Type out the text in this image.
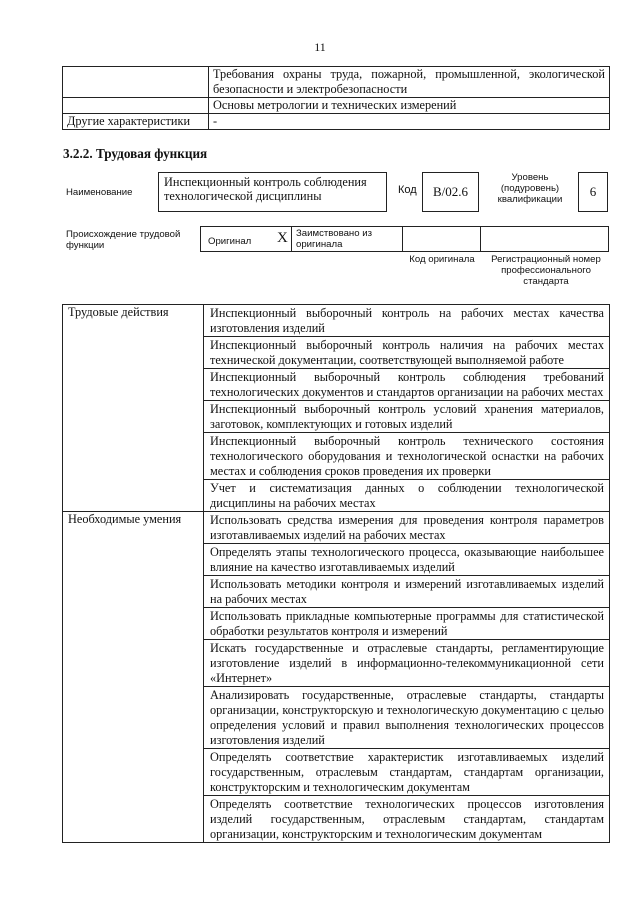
11
	Требования охраны труда, пожарной, промышленной, экологической безопасности и электробезопасности
	Основы метрологии и технических измерений
Другие характеристики	-
3.2.2. Трудовая функция
Наименование
Инспекционный контроль соблюдения технологической дисциплины	Код	B/02.6
Уровень (подуровень) квалификации
6
Происхождение трудовой функции	Оригинал X Заимствовано из оригинала
Код оригинала	Регистрационный номер профессионального стандарта
Трудовые действия	Инспекционный выборочный контроль на рабочих местах качества изготовления изделий
	Инспекционный выборочный контроль наличия на рабочих местах технической документации, соответствующей выполняемой работе
	Инспекционный выборочный контроль соблюдения требований технологических документов и стандартов организации на рабочих местах
	Инспекционный выборочный контроль условий хранения материалов, заготовок, комплектующих и готовых изделий
	Инспекционный выборочный контроль технического состояния технологического оборудования и технологической оснастки на рабочих местах и соблюдения сроков проведения их проверки
	Учет и систематизация данных о соблюдении технологической дисциплины на рабочих местах
Необходимые умения	Использовать средства измерения для проведения контроля параметров изготавливаемых изделий на рабочих местах
	Определять этапы технологического процесса, оказывающие наибольшее влияние на качество изготавливаемых изделий
	Использовать методики контроля и измерений изготавливаемых изделий на рабочих местах
	Использовать прикладные компьютерные программы для статистической обработки результатов контроля и измерений
	Искать государственные и отраслевые стандарты, регламентирующие изготовление изделий в информационно-телекоммуникационной сети «Интернет»
	Анализировать государственные, отраслевые стандарты, стандарты организации, конструкторскую и технологическую документацию с целью определения условий и правил выполнения технологических процессов изготовления изделий
	Определять соответствие характеристик изготавливаемых изделий государственным, отраслевым стандартам, стандартам организации, конструкторским и технологическим документам
	Определять соответствие технологических процессов изготовления изделий государственным, отраслевым стандартам, стандартам организации, конструкторским и технологическим документам
